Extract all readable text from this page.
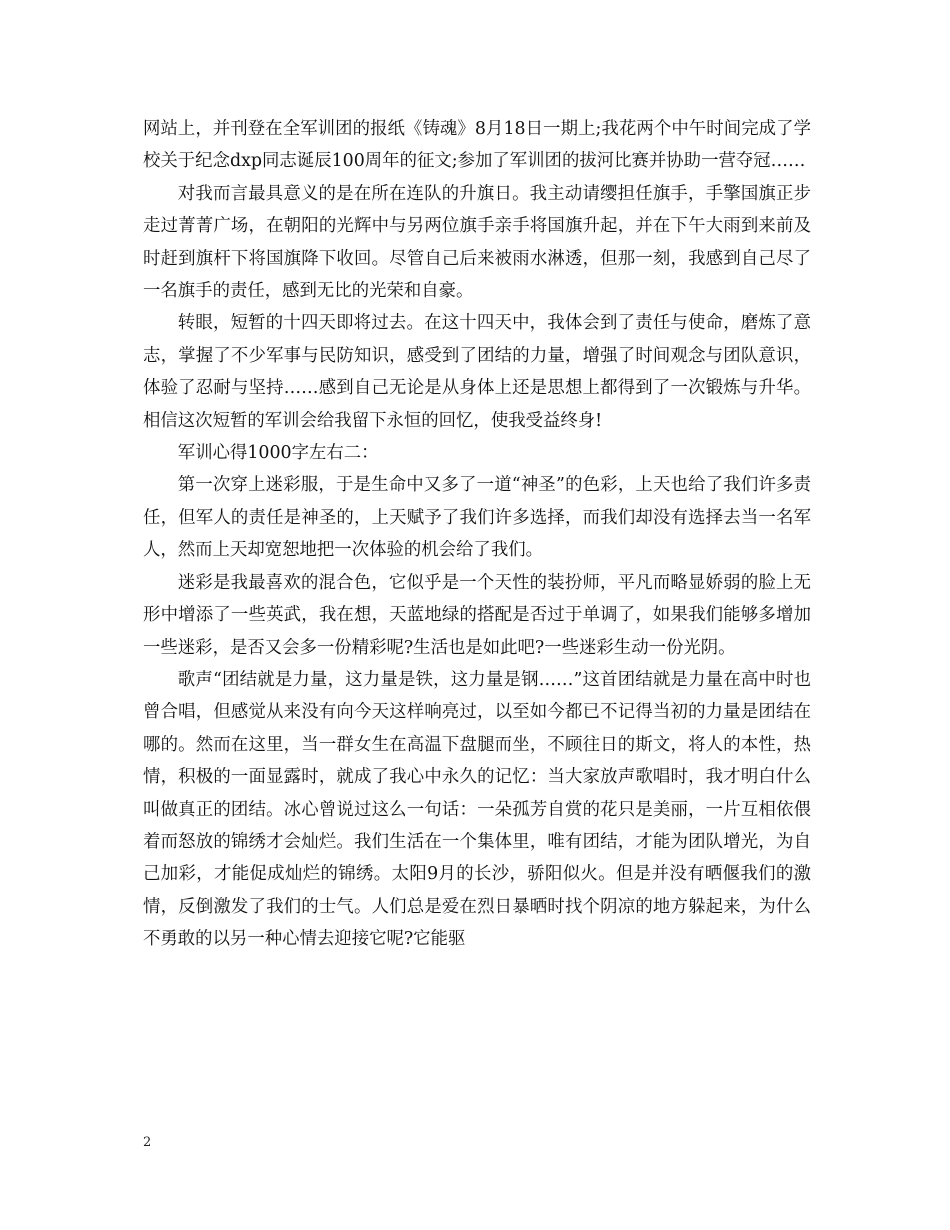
网站上，并刊登在全军训团的报纸《铸魂》8月18日一期上;我花两个中午时间完成了学校关于纪念dxp同志诞辰100周年的征文;参加了军训团的拔河比赛并协助一营夺冠……

对我而言最具意义的是在所在连队的升旗日。我主动请缨担任旗手，手擎国旗正步走过菁菁广场，在朝阳的光辉中与另两位旗手亲手将国旗升起，并在下午大雨到来前及时赶到旗杆下将国旗降下收回。尽管自己后来被雨水淋透，但那一刻，我感到自己尽了一名旗手的责任，感到无比的光荣和自豪。

转眼，短暂的十四天即将过去。在这十四天中，我体会到了责任与使命，磨炼了意志，掌握了不少军事与民防知识，感受到了团结的力量，增强了时间观念与团队意识，体验了忍耐与坚持……感到自己无论是从身体上还是思想上都得到了一次锻炼与升华。相信这次短暂的军训会给我留下永恒的回忆，使我受益终身!

军训心得1000字左右二：

第一次穿上迷彩服，于是生命中又多了一道“神圣”的色彩，上天也给了我们许多责任，但军人的责任是神圣的，上天赋予了我们许多选择，而我们却没有选择去当一名军人，然而上天却宽恕地把一次体验的机会给了我们。

迷彩是我最喜欢的混合色，它似乎是一个天性的装扮师，平凡而略显娇弱的脸上无形中增添了一些英武，我在想，天蓝地绿的搭配是否过于单调了，如果我们能够多增加一些迷彩，是否又会多一份精彩呢?生活也是如此吧?一些迷彩生动一份光阴。

歌声“团结就是力量，这力量是铁，这力量是钢……”这首团结就是力量在高中时也曾合唱，但感觉从来没有向今天这样响亮过，以至如今都已不记得当初的力量是团结在哪的。然而在这里，当一群女生在高温下盘腿而坐，不顾往日的斯文，将人的本性，热情，积极的一面显露时，就成了我心中永久的记忆：当大家放声歌唱时，我才明白什么叫做真正的团结。冰心曾说过这么一句话：一朵孤芳自赏的花只是美丽，一片互相依偎着而怒放的锦绣才会灿烂。我们生活在一个集体里，唯有团结，才能为团队增光，为自己加彩，才能促成灿烂的锦绣。太阳9月的长沙，骄阳似火。但是并没有晒偃我们的激情，反倒激发了我们的士气。人们总是爱在烈日暴晒时找个阴凉的地方躲起来，为什么不勇敢的以另一种心情去迎接它呢?它能驱

2
